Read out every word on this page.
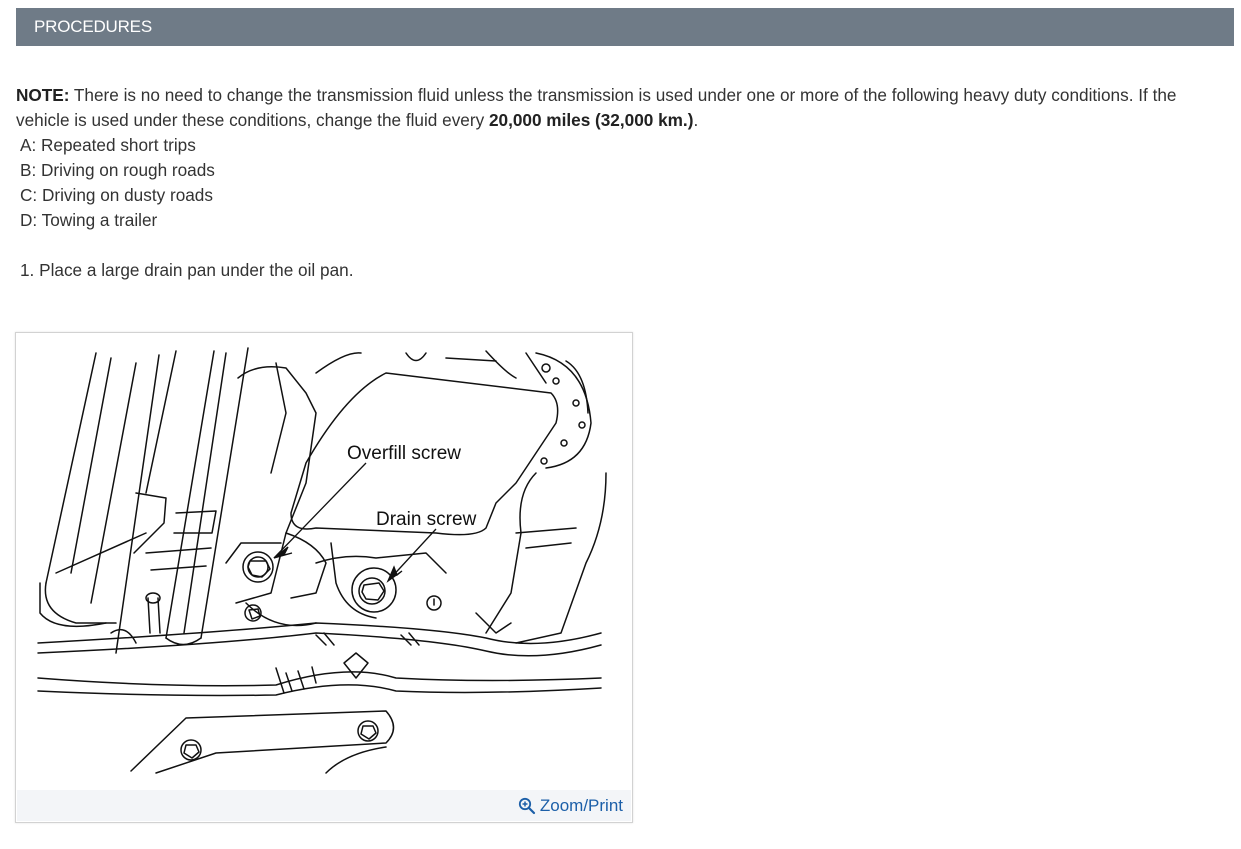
PROCEDURES

NOTE: There is no need to change the transmission fluid unless the transmission is used under one or more of the following heavy duty conditions. If the vehicle is used under these conditions, change the fluid every 20,000 miles (32,000 km.).

A: Repeated short trips

B: Driving on rough roads

C: Driving on dusty roads

D: Towing a trailer

1. Place a large drain pan under the oil pan.

Overfill screw
Drain screw
Zoom/Print
